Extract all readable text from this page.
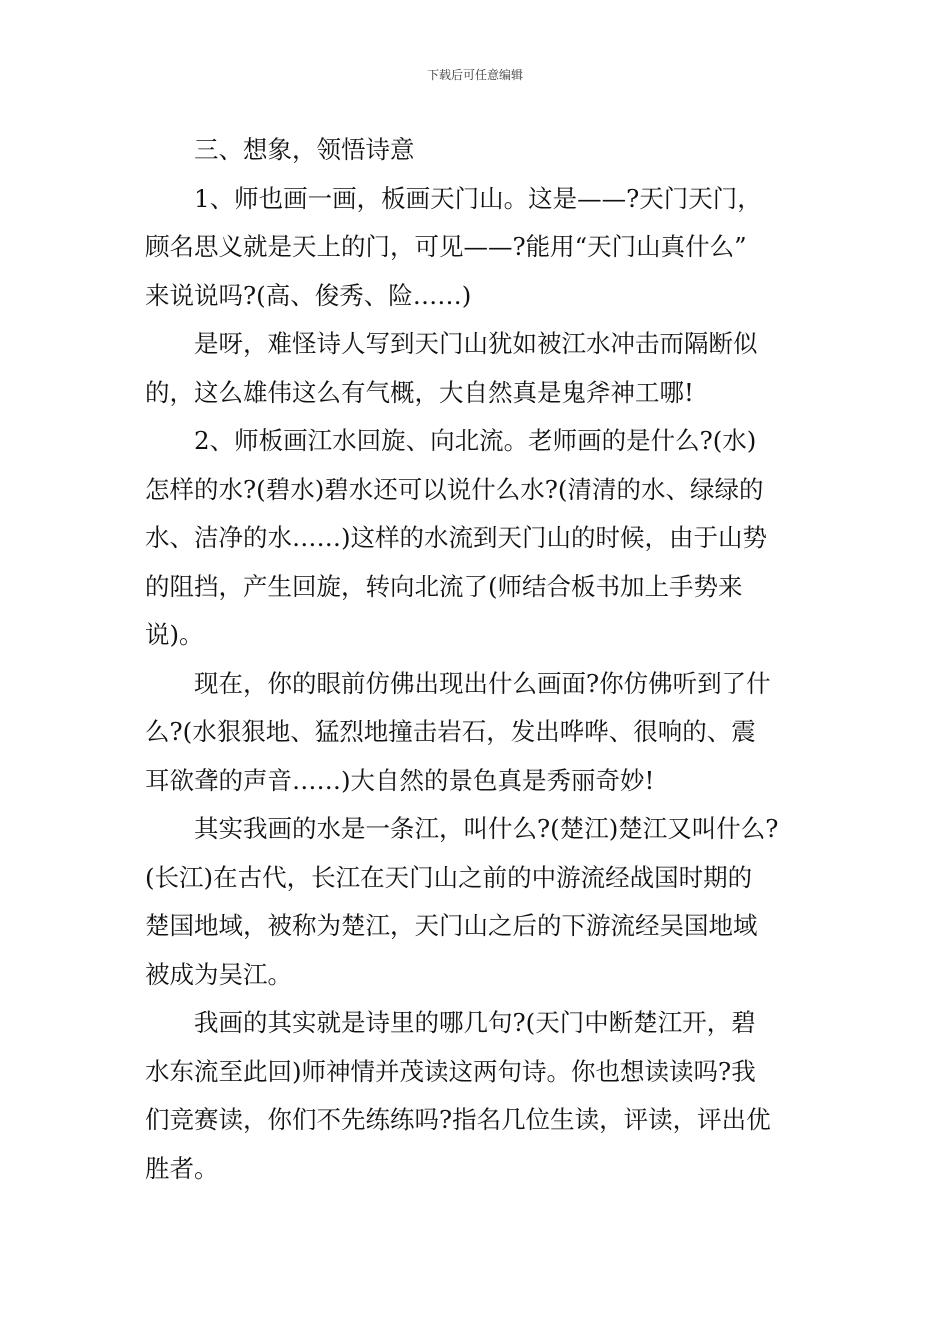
下载后可任意编辑
三、想象，领悟诗意
1、师也画一画，板画天门山。这是——?天门天门，
顾名思义就是天上的门，可见——?能用“天门山真什么”
来说说吗?(高、俊秀、险……)
是呀，难怪诗人写到天门山犹如被江水冲击而隔断似
的，这么雄伟这么有气概，大自然真是鬼斧神工哪!
2、师板画江水回旋、向北流。老师画的是什么?(水)
怎样的水?(碧水)碧水还可以说什么水?(清清的水、绿绿的
水、洁净的水……)这样的水流到天门山的时候，由于山势
的阻挡，产生回旋，转向北流了(师结合板书加上手势来
说)。
现在，你的眼前仿佛出现出什么画面?你仿佛听到了什
么?(水狠狠地、猛烈地撞击岩石，发出哗哗、很响的、震
耳欲聋的声音……)大自然的景色真是秀丽奇妙!
其实我画的水是一条江，叫什么?(楚江)楚江又叫什么?
(长江)在古代，长江在天门山之前的中游流经战国时期的
楚国地域，被称为楚江，天门山之后的下游流经吴国地域
被成为吴江。
我画的其实就是诗里的哪几句?(天门中断楚江开，碧
水东流至此回)师神情并茂读这两句诗。你也想读读吗?我
们竞赛读，你们不先练练吗?指名几位生读，评读，评出优
胜者。
